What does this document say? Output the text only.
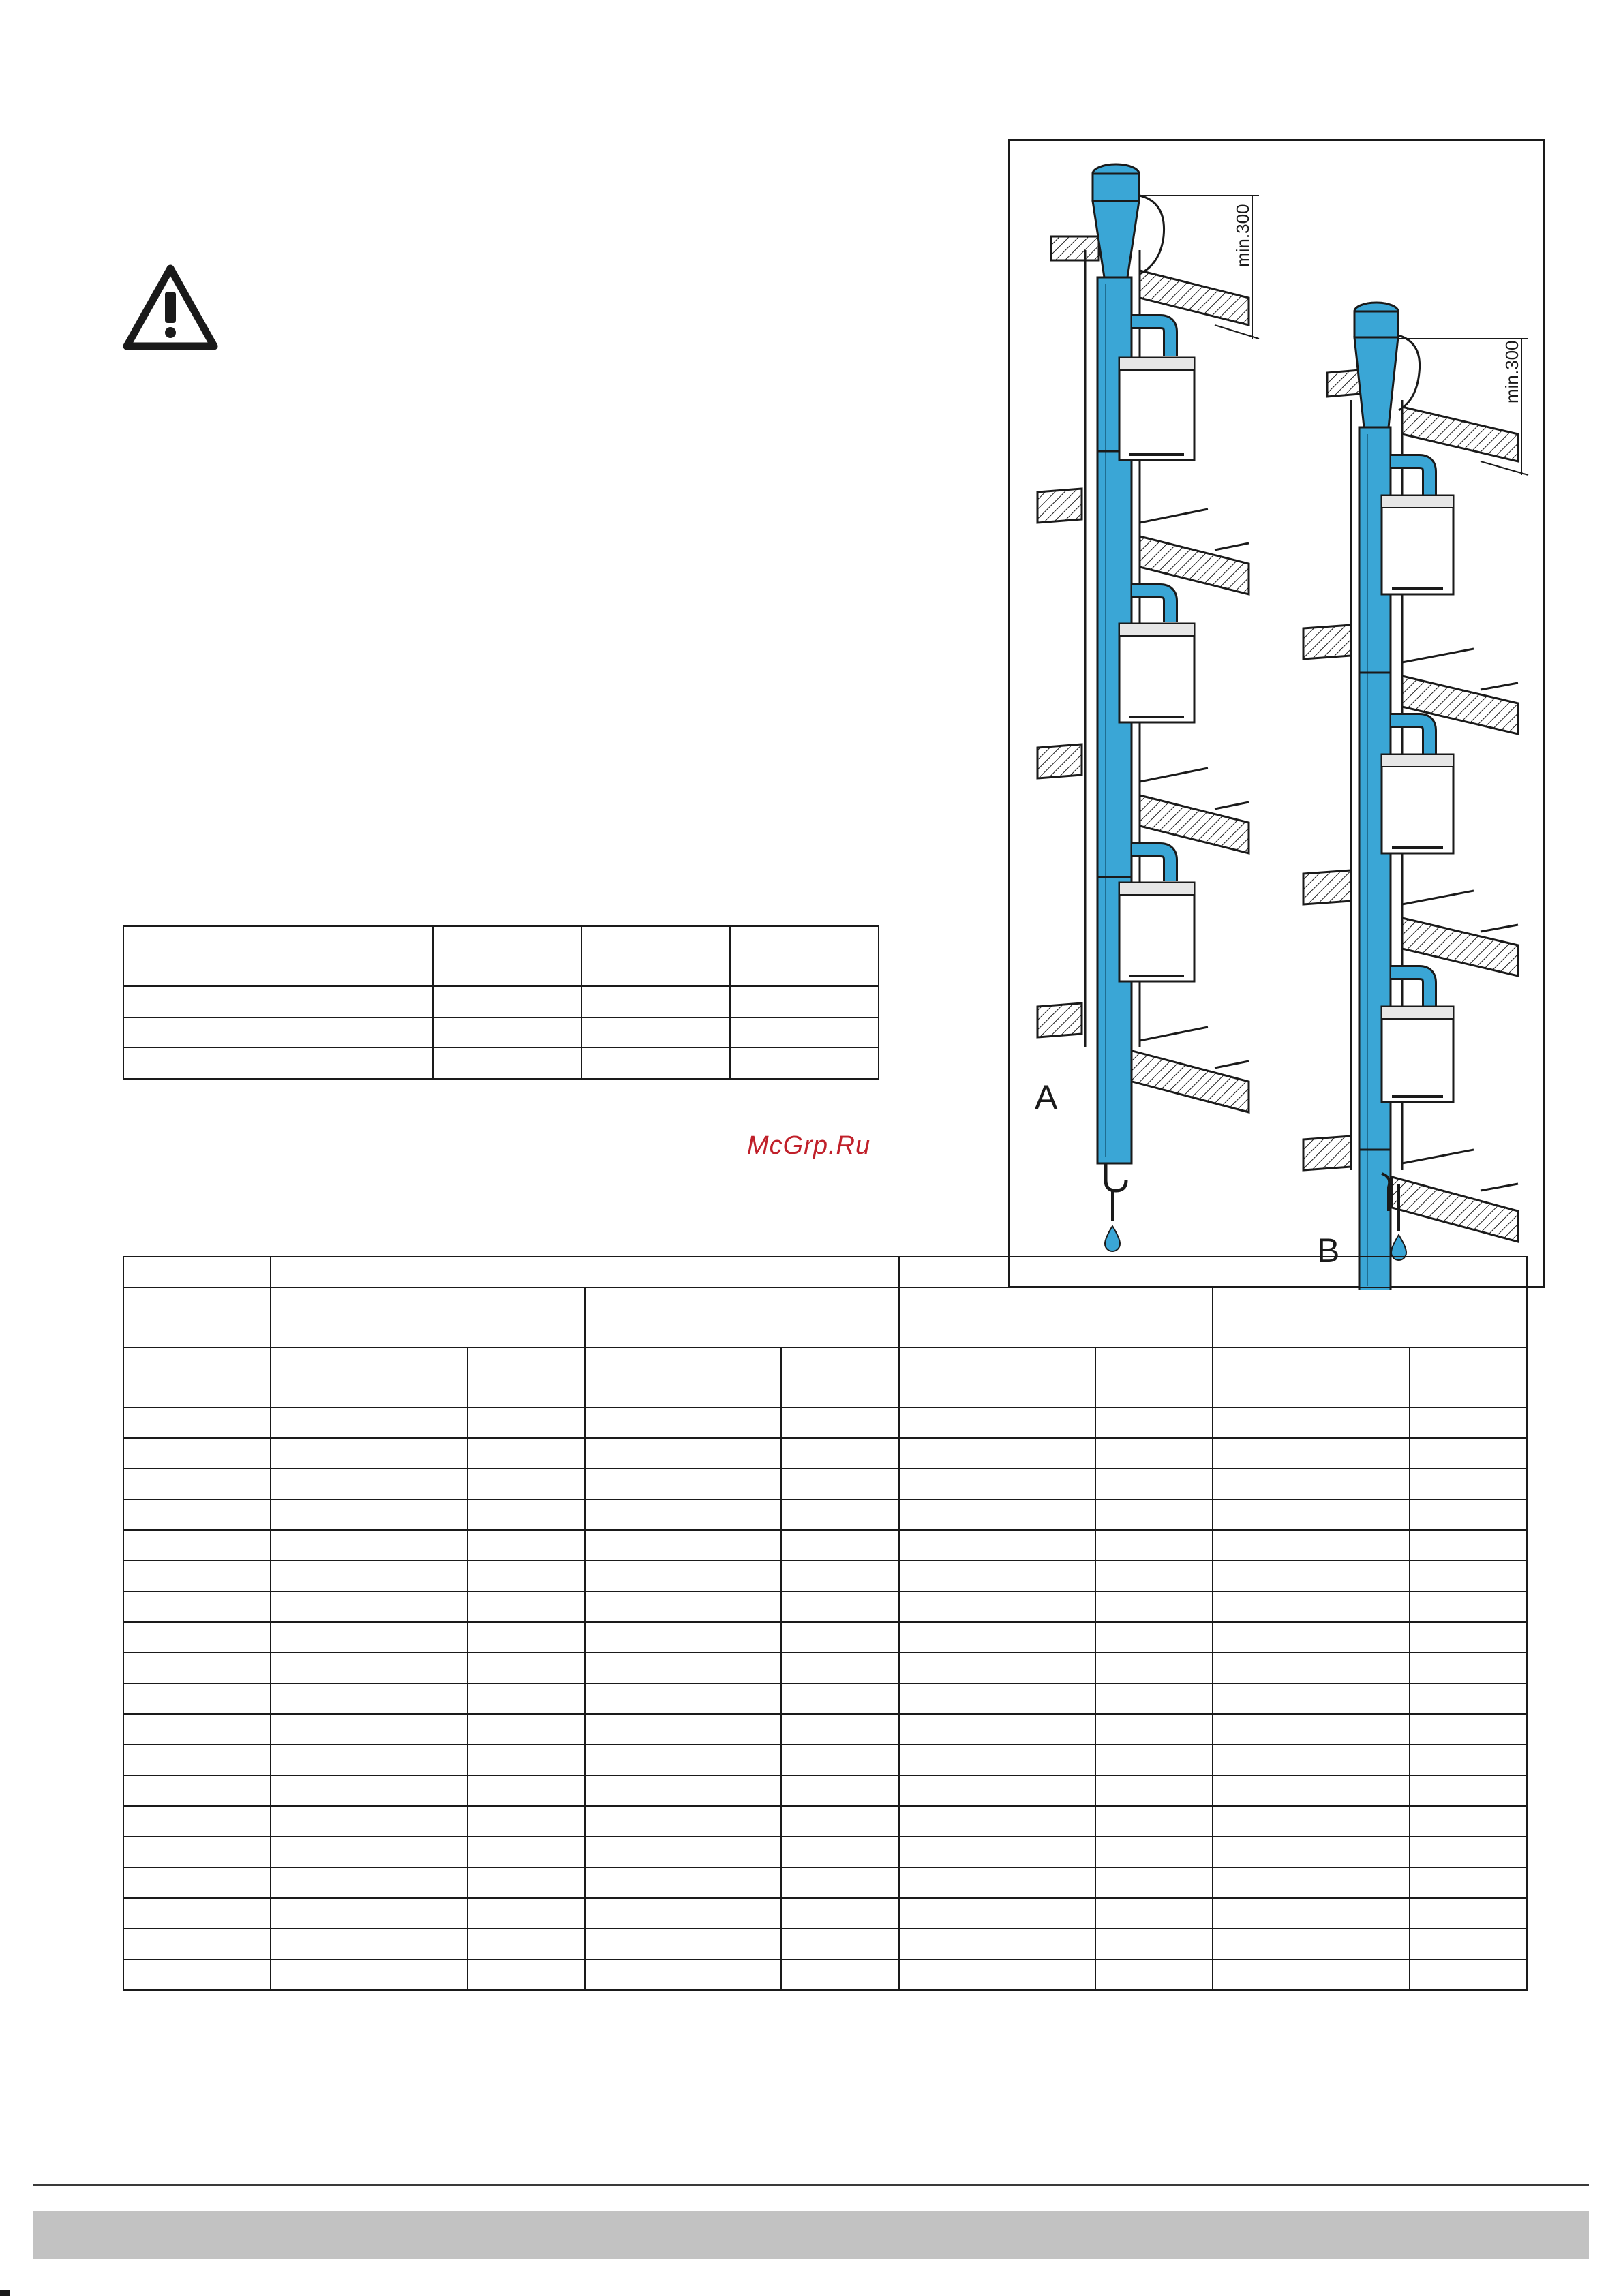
McGrp.Ru
min.300
A
min.300
B
